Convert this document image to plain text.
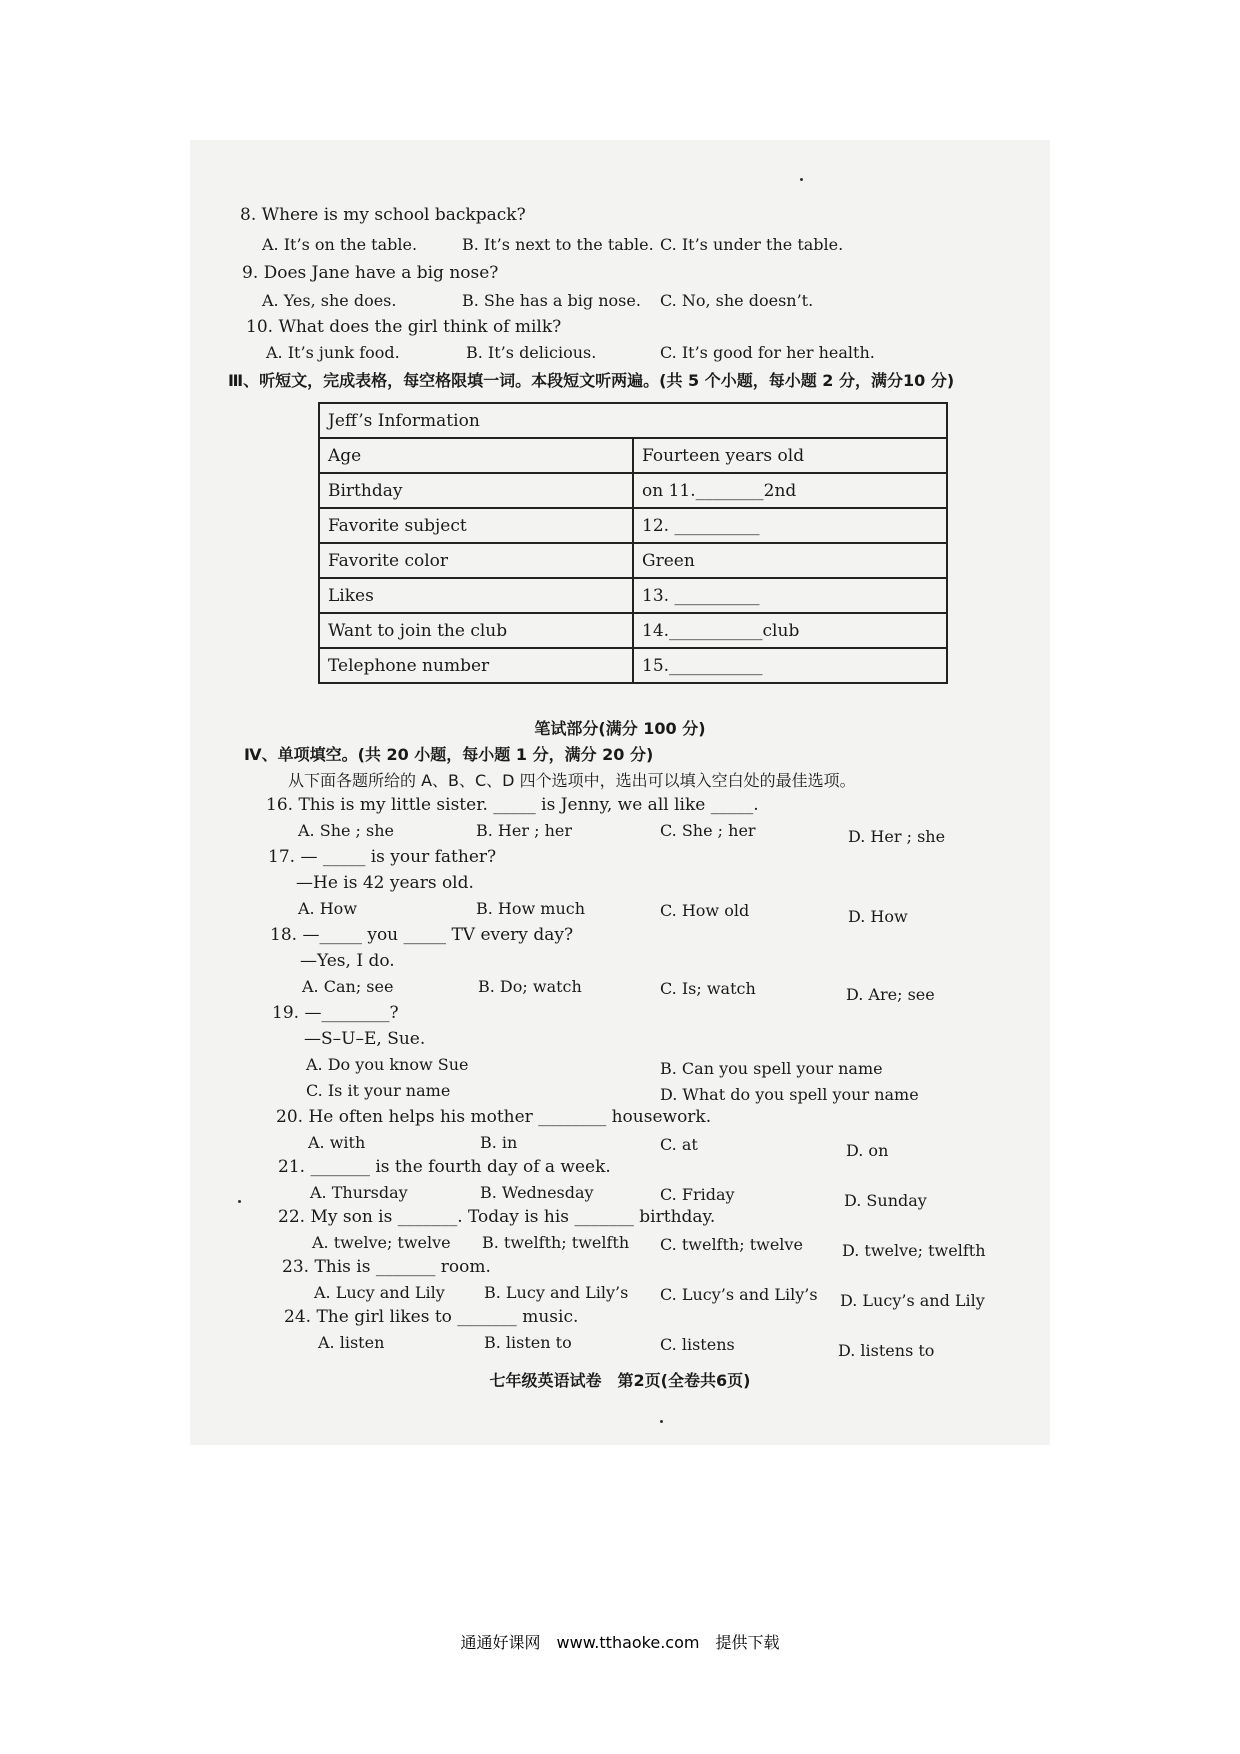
8. Where is my school backpack?
A. It’s on the table.	B. It’s next to the table. C. It’s under the table.
9. Does Jane have a big nose?
A. Yes, she does.	B. She has a big nose. C. No, she doesn’t.
10. What does the girl think of milk?
A. It’s junk food.	B. It’s delicious.	C. It’s good for her health.
Ⅲ、听短文，完成表格，每空格限填一词。本段短文听两遍。(共 5 个小题，每小题 2 分，满分10 分)
Jeff’s Information	
Age	Fourteen years old
Birthday	on 11.________2nd
Favorite subject	12. __________
Favorite color	Green
Likes	13. __________
Want to join the club	14.___________club
Telephone number	15.___________
笔试部分(满分 100 分)
Ⅳ、单项填空。(共 20 小题，每小题 1 分，满分 20 分)
从下面各题所给的 A、B、C、D 四个选项中，选出可以填入空白处的最佳选项。
16. This is my little sister. _____ is Jenny, we all like _____.
A. She ; she	B. Her ; her	C. She ; her	D. Her ; she
17. — _____ is your father?
—He is 42 years old.
A. How	B. How much	C. How old	D. How
18. —_____ you _____ TV every day?
—Yes, I do.
A. Can; see	B. Do; watch	C. Is; watch	D. Are; see
19. —________?
—S–U–E, Sue.
A. Do you know Sue	B. Can you spell your name
C. Is it your name	D. What do you spell your name
20. He often helps his mother ________ housework.
A. with	B. in	C. at	D. on
21. _______ is the fourth day of a week.
A. Thursday	B. Wednesday	C. Friday	D. Sunday
22. My son is _______. Today is his _______ birthday.
A. twelve; twelve B. twelfth; twelfth C. twelfth; twelve D. twelve; twelfth
23. This is _______ room.
A. Lucy and Lily B. Lucy and Lily’s C. Lucy’s and Lily’s D. Lucy’s and Lily
24. The girl likes to _______ music.
A. listen	B. listen to	C. listens	D. listens to
七年级英语试卷　第2页(全卷共6页)
通通好课网　www.tthaoke.com　提供下载
